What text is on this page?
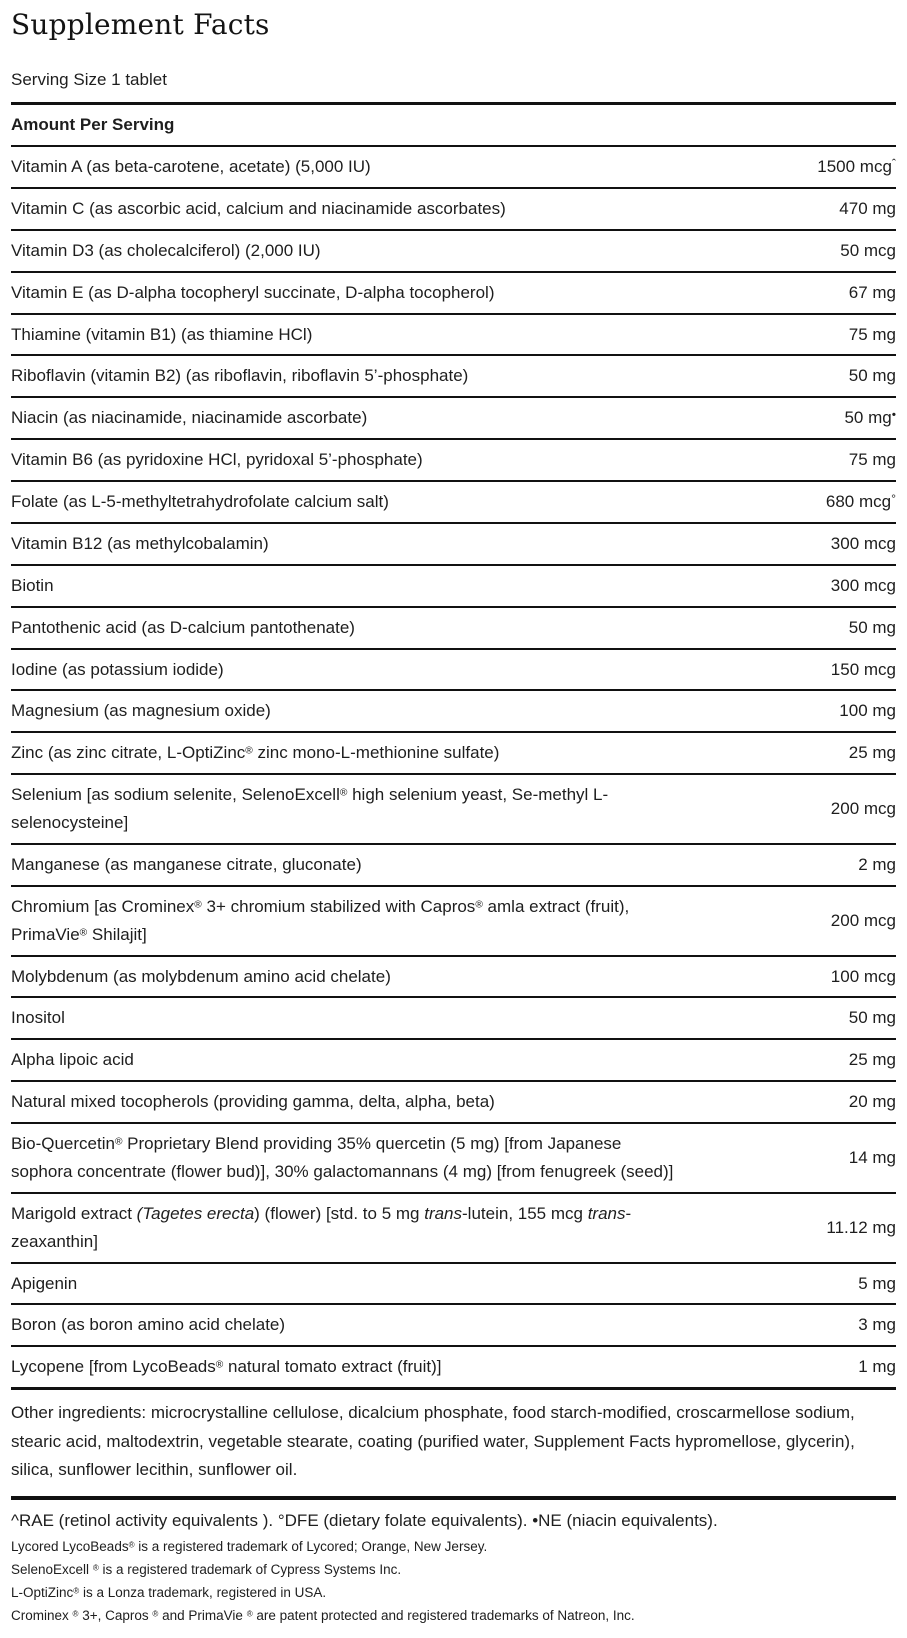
Supplement Facts
Serving Size 1 tablet
Amount Per Serving
Vitamin A (as beta-carotene, acetate) (5,000 IU)	1500 mcg$^ˆ$
Vitamin C (as ascorbic acid, calcium and niacinamide ascorbates)	470 mg
Vitamin D3 (as cholecalciferol) (2,000 IU)	50 mcg
Vitamin E (as D-alpha tocopheryl succinate, D-alpha tocopherol)	67 mg
Thiamine (vitamin B1) (as thiamine HCl)	75 mg
Riboflavin (vitamin B2) (as riboflavin, riboflavin 5’-phosphate)	50 mg
Niacin (as niacinamide, niacinamide ascorbate)	50 mg•
Vitamin B6 (as pyridoxine HCl, pyridoxal 5’-phosphate)	75 mg
Folate (as L-5-methyltetrahydrofolate calcium salt)	680 mcg°
Vitamin B12 (as methylcobalamin)	300 mcg
Biotin	300 mcg
Pantothenic acid (as D-calcium pantothenate)	50 mg
Iodine (as potassium iodide)	150 mcg
Magnesium (as magnesium oxide)	100 mg
Zinc (as zinc citrate, L-OptiZinc® zinc mono-L-methionine sulfate)	25 mg
Selenium [as sodium selenite, SelenoExcell® high selenium yeast, Se-methyl L-selenocysteine]
200 mcg
Manganese (as manganese citrate, gluconate)	2 mg
Chromium [as Crominex® 3+ chromium stabilized with Capros® amla extract (fruit), PrimaVie® Shilajit]
200 mcg
Molybdenum (as molybdenum amino acid chelate)	100 mcg
Inositol	50 mg
Alpha lipoic acid	25 mg
Natural mixed tocopherols (providing gamma, delta, alpha, beta)	20 mg
Bio-Quercetin® Proprietary Blend providing 35% quercetin (5 mg) [from Japanese sophora concentrate (flower bud)], 30% galactomannans (4 mg) [from fenugreek (seed)]
14 mg
Marigold extract (Tagetes erecta) (flower) [std. to 5 mg trans-lutein, 155 mcg trans-zeaxanthin]
11.12 mg
Apigenin	5 mg
Boron (as boron amino acid chelate)	3 mg
Lycopene [from LycoBeads® natural tomato extract (fruit)]	1 mg
Other ingredients: microcrystalline cellulose, dicalcium phosphate, food starch-modified, croscarmellose sodium, stearic acid, maltodextrin, vegetable stearate, coating (purified water, Supplement Facts hypromellose, glycerin), silica, sunflower lecithin, sunflower oil.
^RAE (retinol activity equivalents ). °DFE (dietary folate equivalents). •NE (niacin equivalents).
Lycored LycoBeads® is a registered trademark of Lycored; Orange, New Jersey.
SelenoExcell ® is a registered trademark of Cypress Systems Inc.
L-OptiZinc® is a Lonza trademark, registered in USA.
Crominex ® 3+, Capros ® and PrimaVie ® are patent protected and registered trademarks of Natreon, Inc.
